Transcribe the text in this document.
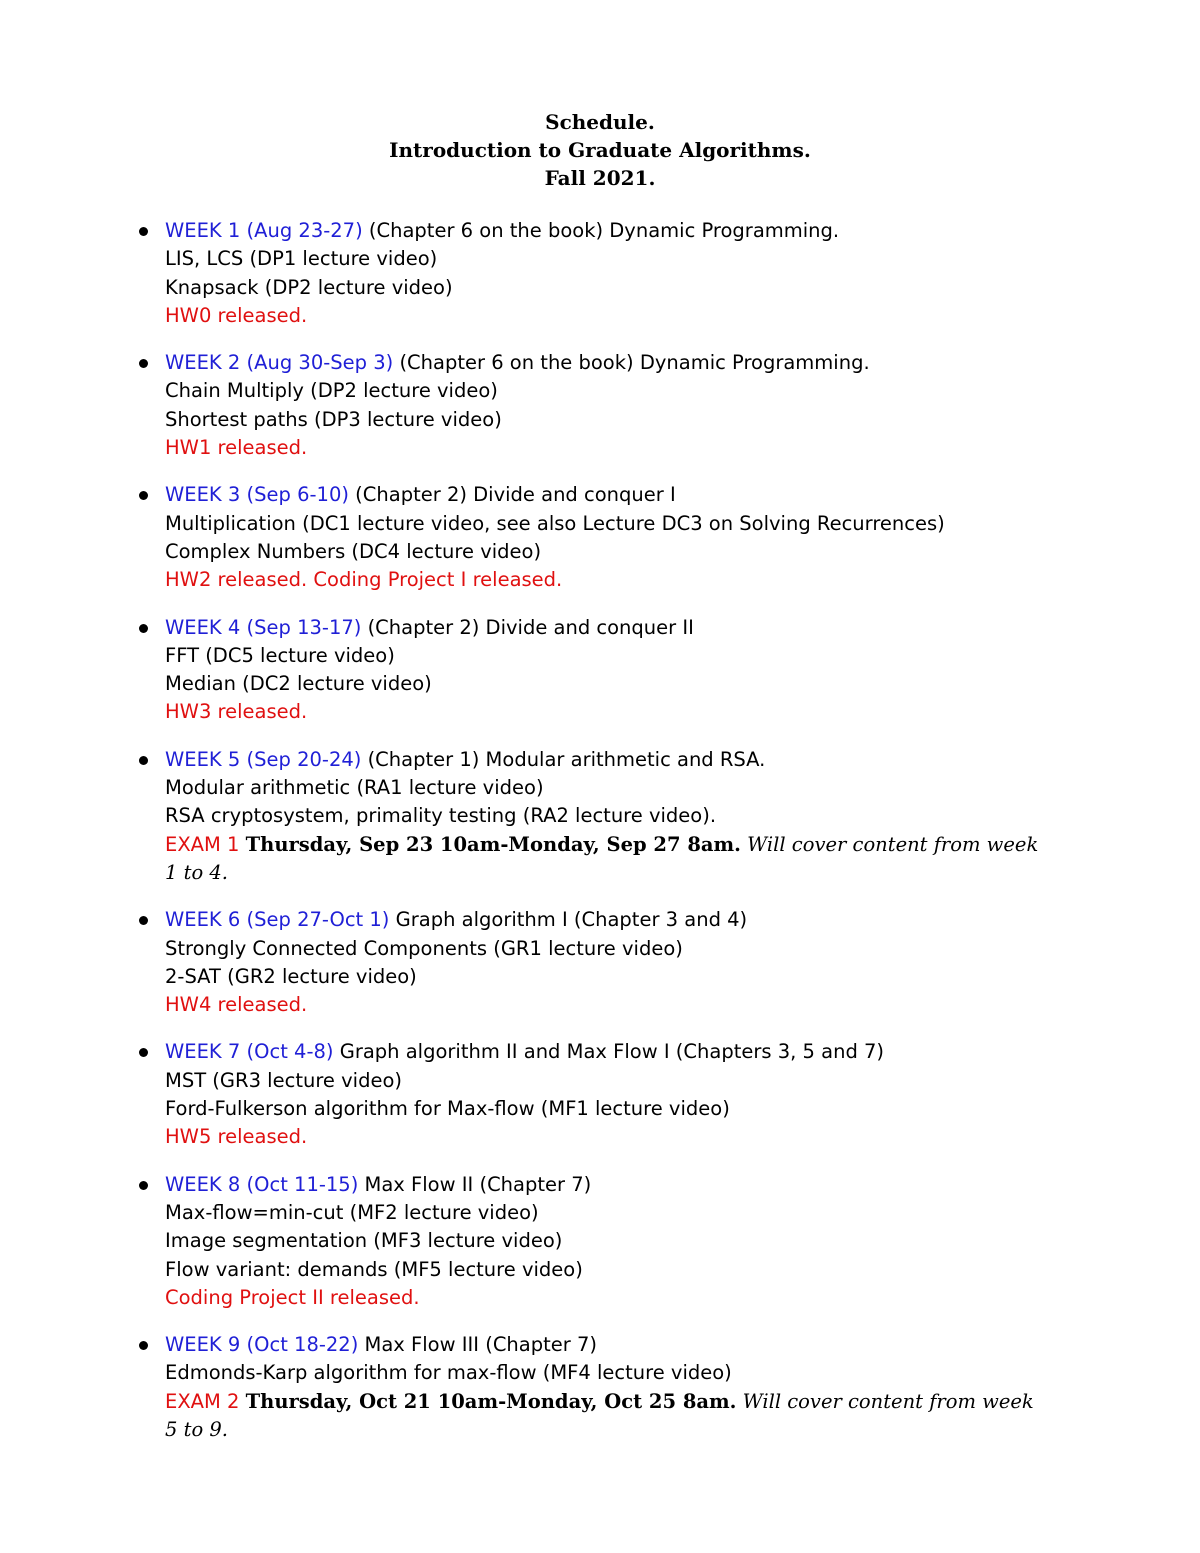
Schedule.
Introduction to Graduate Algorithms.
Fall 2021.
WEEK 1 (Aug 23-27) (Chapter 6 on the book) Dynamic Programming.
LIS, LCS (DP1 lecture video)
Knapsack (DP2 lecture video)
HW0 released.
WEEK 2 (Aug 30-Sep 3) (Chapter 6 on the book) Dynamic Programming.
Chain Multiply (DP2 lecture video)
Shortest paths (DP3 lecture video)
HW1 released.
WEEK 3 (Sep 6-10) (Chapter 2) Divide and conquer I
Multiplication (DC1 lecture video, see also Lecture DC3 on Solving Recurrences)
Complex Numbers (DC4 lecture video)
HW2 released. Coding Project I released.
WEEK 4 (Sep 13-17) (Chapter 2) Divide and conquer II
FFT (DC5 lecture video)
Median (DC2 lecture video)
HW3 released.
WEEK 5 (Sep 20-24) (Chapter 1) Modular arithmetic and RSA.
Modular arithmetic (RA1 lecture video)
RSA cryptosystem, primality testing (RA2 lecture video).
EXAM 1 Thursday, Sep 23 10am-Monday, Sep 27 8am. Will cover content from week
1 to 4.
WEEK 6 (Sep 27-Oct 1) Graph algorithm I (Chapter 3 and 4)
Strongly Connected Components (GR1 lecture video)
2-SAT (GR2 lecture video)
HW4 released.
WEEK 7 (Oct 4-8) Graph algorithm II and Max Flow I (Chapters 3, 5 and 7)
MST (GR3 lecture video)
Ford-Fulkerson algorithm for Max-flow (MF1 lecture video)
HW5 released.
WEEK 8 (Oct 11-15) Max Flow II (Chapter 7)
Max-flow=min-cut (MF2 lecture video)
Image segmentation (MF3 lecture video)
Flow variant: demands (MF5 lecture video)
Coding Project II released.
WEEK 9 (Oct 18-22) Max Flow III (Chapter 7)
Edmonds-Karp algorithm for max-flow (MF4 lecture video)
EXAM 2 Thursday, Oct 21 10am-Monday, Oct 25 8am. Will cover content from week
5 to 9.
